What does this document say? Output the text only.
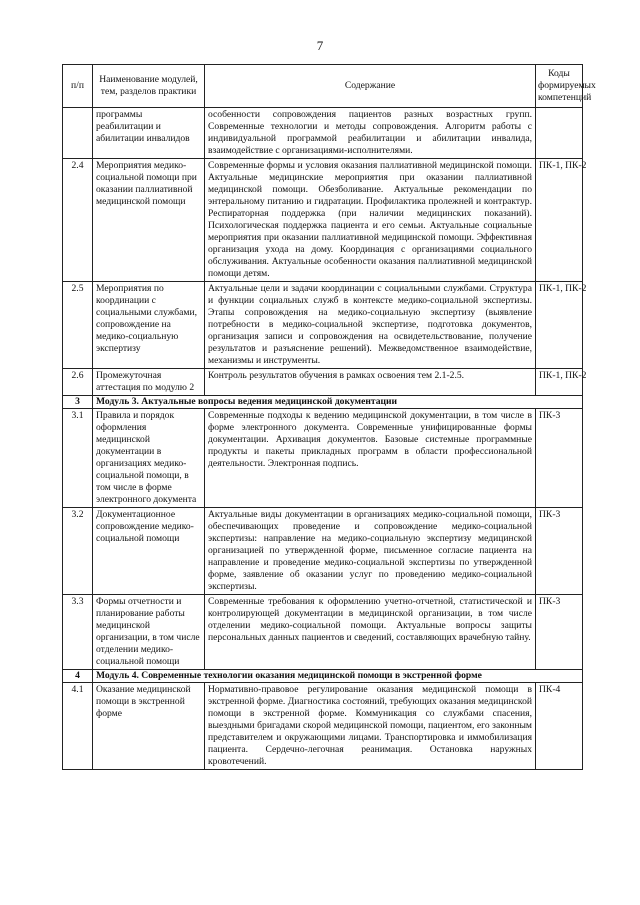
7
п/п	Наименование модулей, тем, разделов практики	Содержание	Коды формируемых компетенций
	программы реабилитации и абилитации инвалидов	особенности сопровождения пациентов разных возрастных групп. Современные технологии и методы сопровождения. Алгоритм работы с индивидуальной программой реабилитации и абилитации инвалида, взаимодействие с организациями-исполнителями.	
2.4	Мероприятия медико-социальной помощи при оказании паллиативной медицинской помощи	Современные формы и условия оказания паллиативной медицинской помощи. Актуальные медицинские мероприятия при оказании паллиативной медицинской помощи. Обезболивание. Актуальные рекомендации по энтеральному питанию и гидратации. Профилактика пролежней и контрактур. Респираторная поддержка (при наличии медицинских показаний). Психологическая поддержка пациента и его семьи. Актуальные социальные мероприятия при оказании паллиативной медицинской помощи. Эффективная организация ухода на дому. Координация с организациями социального обслуживания. Актуальные особенности оказания паллиативной медицинской помощи детям.	ПК-1, ПК-2
2.5	Мероприятия по координации с социальными службами, сопровождение на медико-социальную экспертизу	Актуальные цели и задачи координации с социальными службами. Структура и функции социальных служб в контексте медико-социальной экспертизы. Этапы сопровождения на медико-социальную экспертизу (выявление потребности в медико-социальной экспертизе, подготовка документов, организация записи и сопровождения на освидетельствование, получение результатов и разъяснение решений). Межведомственное взаимодействие, механизмы и инструменты.	ПК-1, ПК-2
2.6	Промежуточная аттестация по модулю 2	Контроль результатов обучения в рамках освоения тем 2.1-2.5.	ПК-1, ПК-2
3	Модуль 3. Актуальные вопросы ведения медицинской документации		
3.1	Правила и порядок оформления медицинской документации в организациях медико-социальной помощи, в том числе в форме электронного документа	Современные подходы к ведению медицинской документации, в том числе в форме электронного документа. Современные унифицированные формы документации. Архивация документов. Базовые системные программные продукты и пакеты прикладных программ в области профессиональной деятельности. Электронная подпись.	ПК-3
3.2	Документационное сопровождение медико-социальной помощи	Актуальные виды документации в организациях медико-социальной помощи, обеспечивающих проведение и сопровождение медико-социальной экспертизы: направление на медико-социальную экспертизу медицинской организацией по утвержденной форме, письменное согласие пациента на направление и проведение медико-социальной экспертизы по утвержденной форме, заявление об оказании услуг по проведению медико-социальной экспертизы.	ПК-3
3.3	Формы отчетности и планирование работы медицинской организации, в том числе отделении медико-социальной помощи	Современные требования к оформлению учетно-отчетной, статистической и контролирующей документации в медицинской организации, в том числе отделении медико-социальной помощи. Актуальные вопросы защиты персональных данных пациентов и сведений, составляющих врачебную тайну.	ПК-3
4	Модуль 4. Современные технологии оказания медицинской помощи в экстренной форме		
4.1	Оказание медицинской помощи в экстренной форме	Нормативно-правовое регулирование оказания медицинской помощи в экстренной форме. Диагностика состояний, требующих оказания медицинской помощи в экстренной форме. Коммуникация со службами спасения, выездными бригадами скорой медицинской помощи, пациентом, его законным представителем и окружающими лицами. Транспортировка и иммобилизация пациента. Сердечно-легочная реанимация. Остановка наружных кровотечений.	ПК-4
